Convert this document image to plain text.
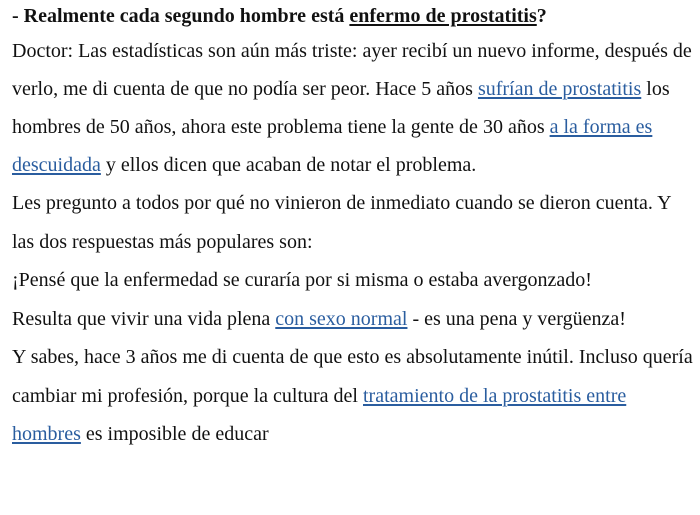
- Realmente cada segundo hombre está enfermo de prostatitis?

Doctor: Las estadísticas son aún más triste: ayer recibí un nuevo informe, después de verlo, me di cuenta de que no podía ser peor. Hace 5 años sufrían de prostatitis los hombres de 50 años, ahora este problema tiene la gente de 30 años a la forma es descuidada y ellos dicen que acaban de notar el problema.

Les pregunto a todos por qué no vinieron de inmediato cuando se dieron cuenta. Y las dos respuestas más populares son:

¡Pensé que la enfermedad se curaría por si misma o estaba avergonzado!

Resulta que vivir una vida plena con sexo normal - es una pena y vergüenza!

Y sabes, hace 3 años me di cuenta de que esto es absolutamente inútil. Incluso quería cambiar mi profesión, porque la cultura del tratamiento de la prostatitis entre hombres es imposible de educar
